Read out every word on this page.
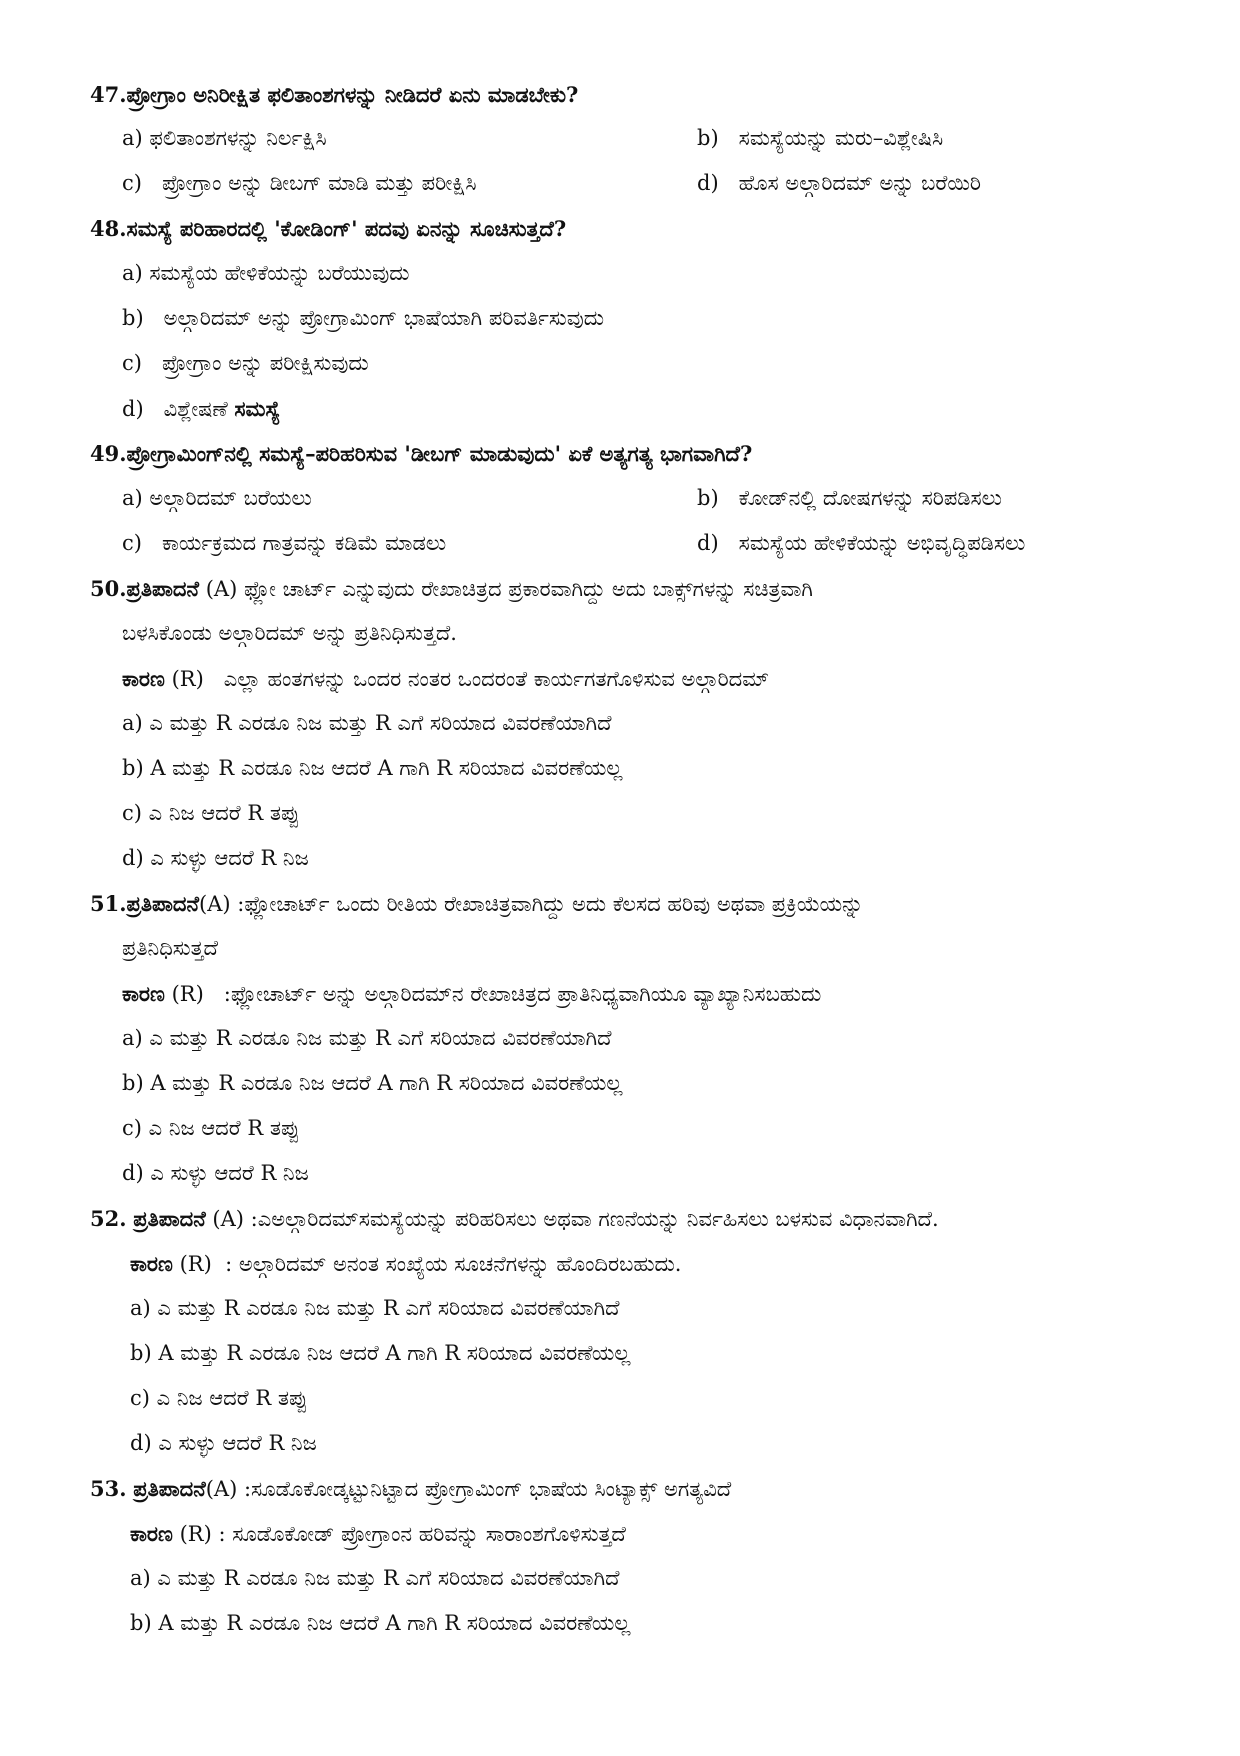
47.ಪ್ರೋಗ್ರಾಂ ಅನಿರೀಕ್ಷಿತ ಫಲಿತಾಂಶಗಳನ್ನು ನೀಡಿದರೆ ಏನು ಮಾಡಬೇಕು?
a) ಫಲಿತಾಂಶಗಳನ್ನು ನಿರ್ಲಕ್ಷಿಸಿ	b) ಸಮಸ್ಯೆಯನ್ನು ಮರು–ವಿಶ್ಲೇಷಿಸಿ
c) ಪ್ರೋಗ್ರಾಂ ಅನ್ನು ಡೀಬಗ್ ಮಾಡಿ ಮತ್ತು ಪರೀಕ್ಷಿಸಿ	d) ಹೊಸ ಅಲ್ಗಾರಿದಮ್ ಅನ್ನು ಬರೆಯಿರಿ
48.ಸಮಸ್ಯೆ ಪರಿಹಾರದಲ್ಲಿ 'ಕೋಡಿಂಗ್' ಪದವು ಏನನ್ನು ಸೂಚಿಸುತ್ತದೆ?
a) ಸಮಸ್ಯೆಯ ಹೇಳಿಕೆಯನ್ನು ಬರೆಯುವುದು
b) ಅಲ್ಗಾರಿದಮ್ ಅನ್ನು ಪ್ರೋಗ್ರಾಮಿಂಗ್ ಭಾಷೆಯಾಗಿ ಪರಿವರ್ತಿಸುವುದು
c) ಪ್ರೋಗ್ರಾಂ ಅನ್ನು ಪರೀಕ್ಷಿಸುವುದು
d) ವಿಶ್ಲೇಷಣೆ ಸಮಸ್ಯೆ
49.ಪ್ರೋಗ್ರಾಮಿಂಗ್‌ನಲ್ಲಿ ಸಮಸ್ಯೆ–ಪರಿಹರಿಸುವ 'ಡೀಬಗ್ ಮಾಡುವುದು' ಏಕೆ ಅತ್ಯಗತ್ಯ ಭಾಗವಾಗಿದೆ?
a) ಅಲ್ಗಾರಿದಮ್ ಬರೆಯಲು	b) ಕೋಡ್‌ನಲ್ಲಿ ದೋಷಗಳನ್ನು ಸರಿಪಡಿಸಲು
c) ಕಾರ್ಯಕ್ರಮದ ಗಾತ್ರವನ್ನು ಕಡಿಮೆ ಮಾಡಲು	d) ಸಮಸ್ಯೆಯ ಹೇಳಿಕೆಯನ್ನು ಅಭಿವೃದ್ಧಿಪಡಿಸಲು
50.ಪ್ರತಿಪಾದನೆ (A) ಫ್ಲೋ ಚಾರ್ಟ್ ಎನ್ನುವುದು ರೇಖಾಚಿತ್ರದ ಪ್ರಕಾರವಾಗಿದ್ದು ಅದು ಬಾಕ್ಸ್‌ಗಳನ್ನು ಸಚಿತ್ರವಾಗಿ
ಬಳಸಿಕೊಂಡು ಅಲ್ಗಾರಿದಮ್ ಅನ್ನು ಪ್ರತಿನಿಧಿಸುತ್ತದೆ.
ಕಾರಣ (R) ಎಲ್ಲಾ ಹಂತಗಳನ್ನು ಒಂದರ ನಂತರ ಒಂದರಂತೆ ಕಾರ್ಯಗತಗೊಳಿಸುವ ಅಲ್ಗಾರಿದಮ್
a) ಎ ಮತ್ತು R ಎರಡೂ ನಿಜ ಮತ್ತು R ಎಗೆ ಸರಿಯಾದ ವಿವರಣೆಯಾಗಿದೆ
b) A ಮತ್ತು R ಎರಡೂ ನಿಜ ಆದರೆ A ಗಾಗಿ R ಸರಿಯಾದ ವಿವರಣೆಯಲ್ಲ
c) ಎ ನಿಜ ಆದರೆ R ತಪ್ಪು
d) ಎ ಸುಳ್ಳು ಆದರೆ R ನಿಜ
51.ಪ್ರತಿಪಾದನೆ(A) :ಫ್ಲೋಚಾರ್ಟ್ ಒಂದು ರೀತಿಯ ರೇಖಾಚಿತ್ರವಾಗಿದ್ದು ಅದು ಕೆಲಸದ ಹರಿವು ಅಥವಾ ಪ್ರಕ್ರಿಯೆಯನ್ನು
ಪ್ರತಿನಿಧಿಸುತ್ತದೆ
ಕಾರಣ (R) :ಫ್ಲೋಚಾರ್ಟ್ ಅನ್ನು ಅಲ್ಗಾರಿದಮ್‌ನ ರೇಖಾಚಿತ್ರದ ಪ್ರಾತಿನಿಧ್ಯವಾಗಿಯೂ ವ್ಯಾಖ್ಯಾನಿಸಬಹುದು
a) ಎ ಮತ್ತು R ಎರಡೂ ನಿಜ ಮತ್ತು R ಎಗೆ ಸರಿಯಾದ ವಿವರಣೆಯಾಗಿದೆ
b) A ಮತ್ತು R ಎರಡೂ ನಿಜ ಆದರೆ A ಗಾಗಿ R ಸರಿಯಾದ ವಿವರಣೆಯಲ್ಲ
c) ಎ ನಿಜ ಆದರೆ R ತಪ್ಪು
d) ಎ ಸುಳ್ಳು ಆದರೆ R ನಿಜ
52. ಪ್ರತಿಪಾದನೆ (A) :ಎಅಲ್ಗಾರಿದಮ್‌ಸಮಸ್ಯೆಯನ್ನು ಪರಿಹರಿಸಲು ಅಥವಾ ಗಣನೆಯನ್ನು ನಿರ್ವಹಿಸಲು ಬಳಸುವ ವಿಧಾನವಾಗಿದೆ.
ಕಾರಣ (R) : ಅಲ್ಗಾರಿದಮ್ ಅನಂತ ಸಂಖ್ಯೆಯ ಸೂಚನೆಗಳನ್ನು ಹೊಂದಿರಬಹುದು.
a) ಎ ಮತ್ತು R ಎರಡೂ ನಿಜ ಮತ್ತು R ಎಗೆ ಸರಿಯಾದ ವಿವರಣೆಯಾಗಿದೆ
b) A ಮತ್ತು R ಎರಡೂ ನಿಜ ಆದರೆ A ಗಾಗಿ R ಸರಿಯಾದ ವಿವರಣೆಯಲ್ಲ
c) ಎ ನಿಜ ಆದರೆ R ತಪ್ಪು
d) ಎ ಸುಳ್ಳು ಆದರೆ R ನಿಜ
53. ಪ್ರತಿಪಾದನೆ(A) :ಸೂಡೊಕೋಡ್ಕಟ್ಟುನಿಟ್ಟಾದ ಪ್ರೋಗ್ರಾಮಿಂಗ್ ಭಾಷೆಯ ಸಿಂಟ್ಯಾಕ್ಸ್ ಅಗತ್ಯವಿದೆ
ಕಾರಣ (R) : ಸೂಡೊಕೋಡ್ ಪ್ರೋಗ್ರಾಂನ ಹರಿವನ್ನು ಸಾರಾಂಶಗೊಳಿಸುತ್ತದೆ
a) ಎ ಮತ್ತು R ಎರಡೂ ನಿಜ ಮತ್ತು R ಎಗೆ ಸರಿಯಾದ ವಿವರಣೆಯಾಗಿದೆ
b) A ಮತ್ತು R ಎರಡೂ ನಿಜ ಆದರೆ A ಗಾಗಿ R ಸರಿಯಾದ ವಿವರಣೆಯಲ್ಲ
